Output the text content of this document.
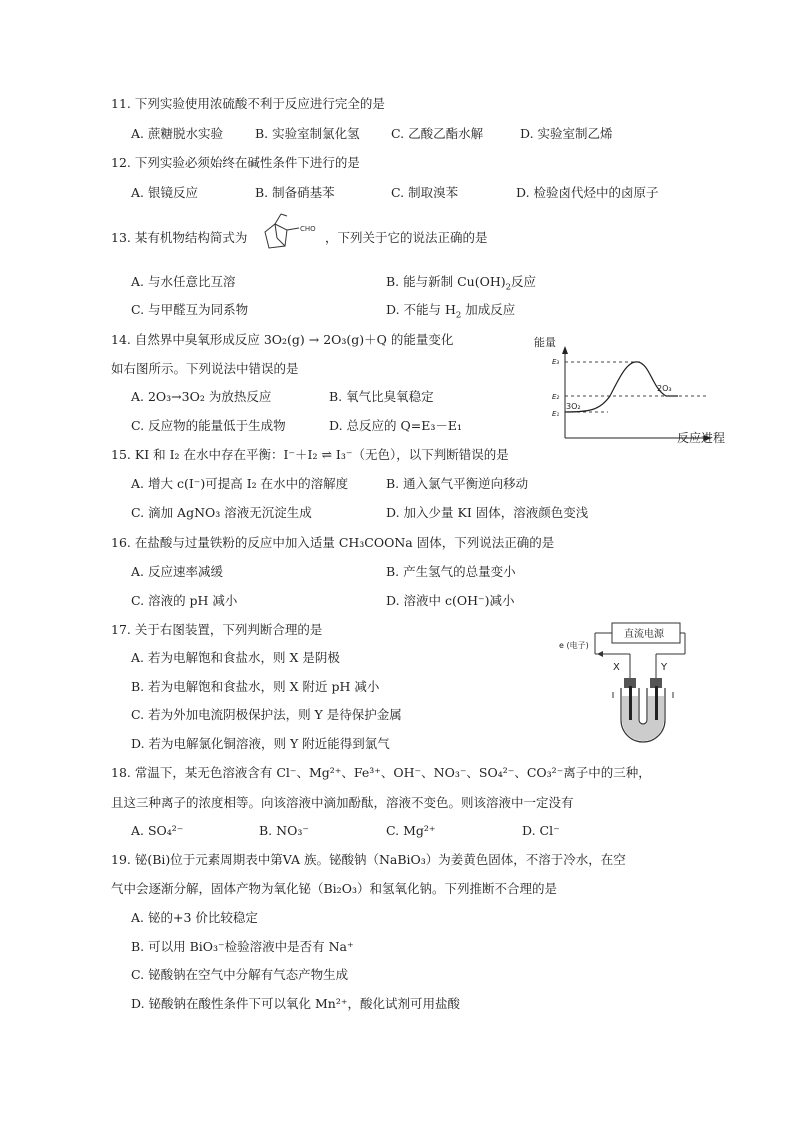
11. 下列实验使用浓硫酸不利于反应进行完全的是
A. 蔗糖脱水实验	B. 实验室制氯化氢	C. 乙酸乙酯水解	D. 实验室制乙烯
12. 下列实验必须始终在碱性条件下进行的是
A. 银镜反应	B. 制备硝基苯	C. 制取溴苯	D. 检验卤代烃中的卤原子
13. 某有机物结构简式为
CHO
，下列关于它的说法正确的是
A. 与水任意比互溶	B. 能与新制 $Cu(OH)_2$反应
C. 与甲醛互为同系物	D. 不能与 $H_2$ 加成反应
14. 自然界中臭氧形成反应 3O₂(g) → 2O₃(g)＋Q 的能量变化
如右图所示。下列说法中错误的是
A. 2O₃→3O₂ 为放热反应	B. 氧气比臭氧稳定
C. 反应物的能量低于生成物	D. 总反应的 Q=E₃－E₁
能量
E₃
E₂
E₁
3O₂
2O₃
反应进程
15. KI 和 I₂ 在水中存在平衡：I⁻＋I₂ ⇌ I₃⁻（无色），以下判断错误的是
A. 增大 c(I⁻)可提高 I₂ 在水中的溶解度	B. 通入氯气平衡逆向移动
C. 滴加 AgNO₃ 溶液无沉淀生成	D. 加入少量 KI 固体，溶液颜色变浅
16. 在盐酸与过量铁粉的反应中加入适量 CH₃COONa 固体，下列说法正确的是
A. 反应速率减缓	B. 产生氢气的总量变小
C. 溶液的 pH 减小	D. 溶液中 c(OH⁻)减小
17. 关于右图装置，下列判断合理的是
A. 若为电解饱和食盐水，则 X 是阴极
B. 若为电解饱和食盐水，则 X 附近 pH 减小
C. 若为外加电流阴极保护法，则 Y 是待保护金属
D. 若为电解氯化铜溶液，则 Y 附近能得到氯气
直流电源
e (电子)
X	Y
18. 常温下，某无色溶液含有 Cl⁻、Mg²⁺、Fe³⁺、OH⁻、NO₃⁻、SO₄²⁻、CO₃²⁻离子中的三种，
且这三种离子的浓度相等。向该溶液中滴加酚酞，溶液不变色。则该溶液中一定没有
A. SO₄²⁻	B. NO₃⁻	C. Mg²⁺	D. Cl⁻
19. 铋(Bi)位于元素周期表中第VA 族。铋酸钠（NaBiO₃）为姜黄色固体，不溶于冷水，在空
气中会逐渐分解，固体产物为氧化铋（Bi₂O₃）和氢氧化钠。下列推断不合理的是
A. 铋的+3 价比较稳定
B. 可以用 BiO₃⁻检验溶液中是否有 Na⁺
C. 铋酸钠在空气中分解有气态产物生成
D. 铋酸钠在酸性条件下可以氧化 Mn²⁺，酸化试剂可用盐酸
